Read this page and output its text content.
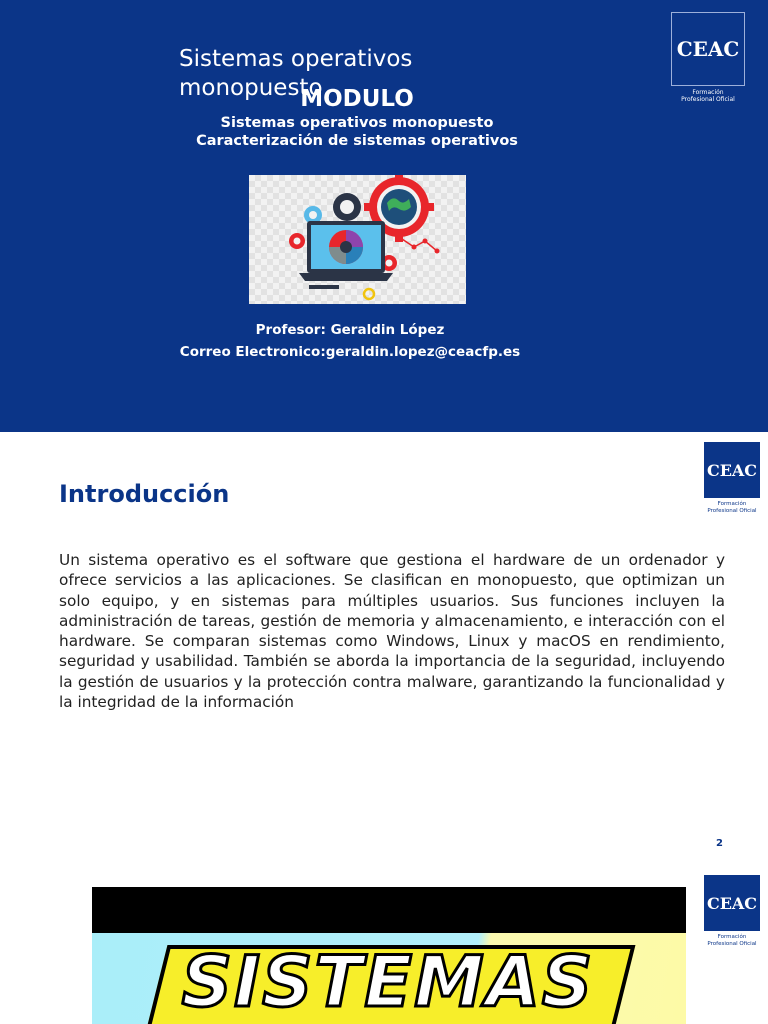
Sistemas operativos monopuesto
MODULO
Sistemas operativos monopuesto
Caracterización de sistemas operativos
Profesor: Geraldin López
Correo Electronico:geraldin.lopez@ceacfp.es
CEAC
Formación
Profesional Oficial
Introducción

Un sistema operativo es el software que gestiona el hardware de un ordenador y ofrece servicios a las aplicaciones. Se clasifican en monopuesto, que optimizan un solo equipo, y en sistemas para múltiples usuarios. Sus funciones incluyen la administración de tareas, gestión de memoria y almacenamiento, e interacción con el hardware. Se comparan sistemas como Windows, Linux y macOS en rendimiento, seguridad y usabilidad. También se aborda la importancia de la seguridad, incluyendo la gestión de usuarios y la protección contra malware, garantizando la funcionalidad y la integridad de la información

2
CEAC
Formación
Profesional Oficial
SISTEMAS
CEAC
Formación
Profesional Oficial
